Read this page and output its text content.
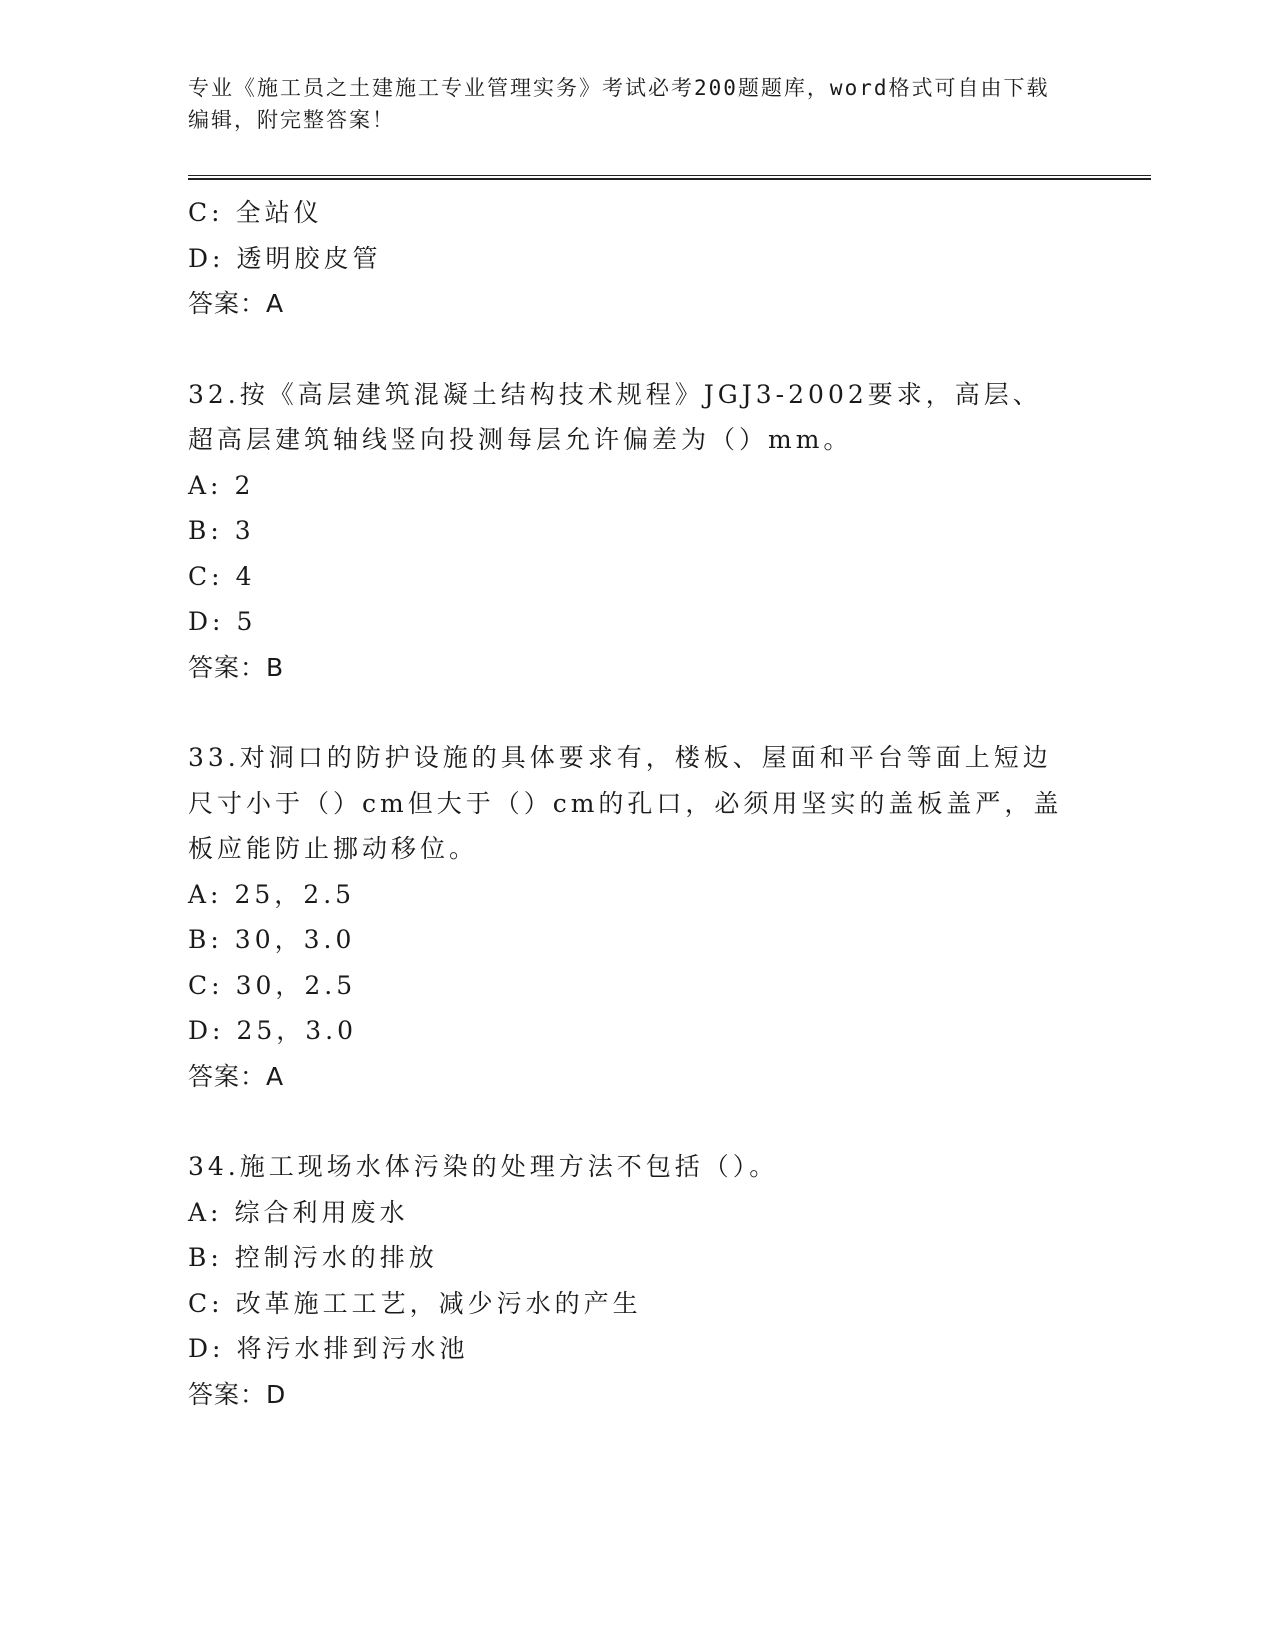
专业《施工员之土建施工专业管理实务》考试必考200题题库，word格式可自由下载编辑，附完整答案！
C: 全站仪
D: 透明胶皮管
答案：A
32.按《高层建筑混凝土结构技术规程》JGJ3-2002要求，高层、超高层建筑轴线竖向投测每层允许偏差为（）mm。
A: 2
B: 3
C: 4
D: 5
答案：B
33.对洞口的防护设施的具体要求有，楼板、屋面和平台等面上短边尺寸小于（）cm但大于（）cm的孔口，必须用坚实的盖板盖严，盖板应能防止挪动移位。
A: 25，2.5
B: 30，3.0
C: 30，2.5
D: 25，3.0
答案：A
34.施工现场水体污染的处理方法不包括（）。
A: 综合利用废水
B: 控制污水的排放
C: 改革施工工艺，减少污水的产生
D: 将污水排到污水池
答案：D
